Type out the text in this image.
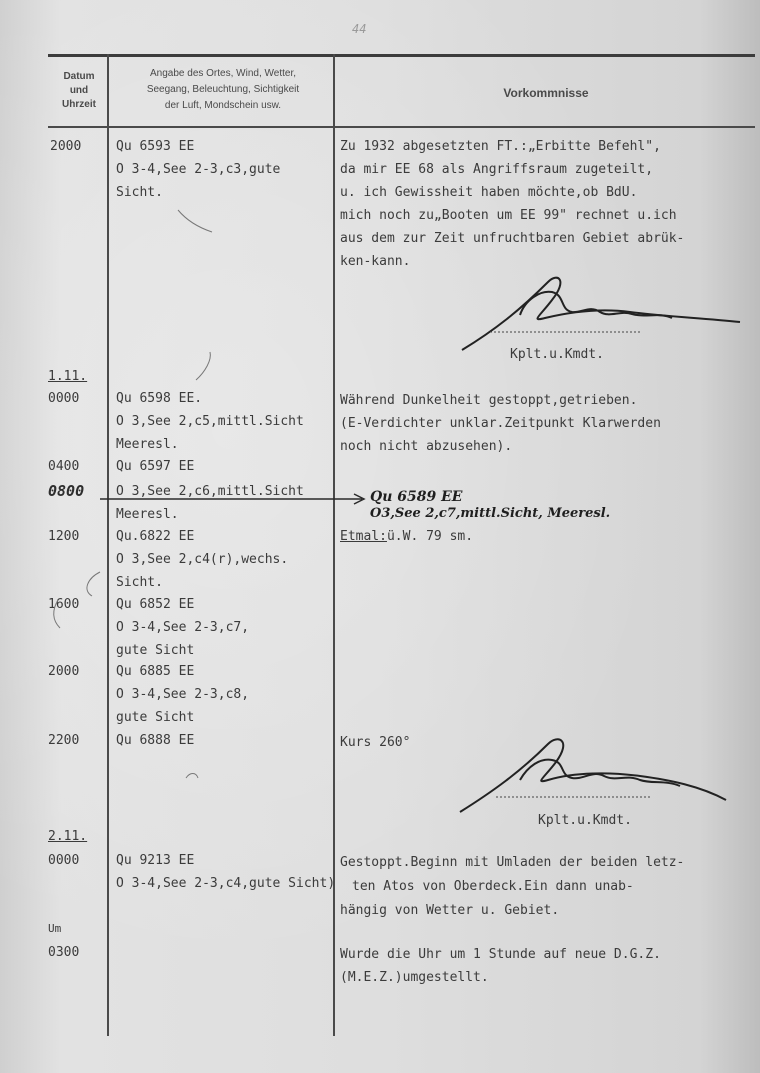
44
Datum
und
Uhrzeit
Angabe des Ortes, Wind, Wetter,
Seegang, Beleuchtung, Sichtigkeit
der Luft, Mondschein usw.
Vorkommnisse
2000
1.11.
0000
0400
0800
1200
1600
2000
2200
2.11.
0000
Um
0300
Qu 6593 EE
O 3-4,See 2-3,c3,gute
Sicht.
Qu 6598 EE.
O 3,See 2,c5,mittl.Sicht
Meeresl.
Qu 6597 EE
O 3,See 2,c6,mittl.Sicht
Meeresl.
Qu.6822 EE
O 3,See 2,c4(r),wechs.
Sicht.
Qu 6852 EE
O 3-4,See 2-3,c7,
gute Sicht
Qu 6885 EE
O 3-4,See 2-3,c8,
gute Sicht
Qu 6888 EE
Qu 9213 EE
O 3-4,See 2-3,c4,gute Sicht)
Zu 1932 abgesetzten FT.:„Erbitte Befehl",
da mir EE 68 als Angriffsraum zugeteilt,
u. ich Gewissheit haben möchte,ob BdU.
mich noch zu„Booten um EE 99" rechnet u.ich
aus dem zur Zeit unfruchtbaren Gebiet abrük-
ken-kann.
Kplt.u.Kmdt.
Während Dunkelheit gestoppt,getrieben.
(E-Verdichter unklar.Zeitpunkt Klarwerden
noch nicht abzusehen).
Qu 6589 EE
O3,See 2,c7,mittl.Sicht, Meeresl.
Etmal:ü.W. 79 sm.
Kurs 260°
Kplt.u.Kmdt.
Gestoppt.Beginn mit Umladen der beiden letz-
ten Atos von Oberdeck.Ein dann unab-
hängig von Wetter u. Gebiet.
Wurde die Uhr um 1 Stunde auf neue D.G.Z.
(M.E.Z.)umgestellt.
